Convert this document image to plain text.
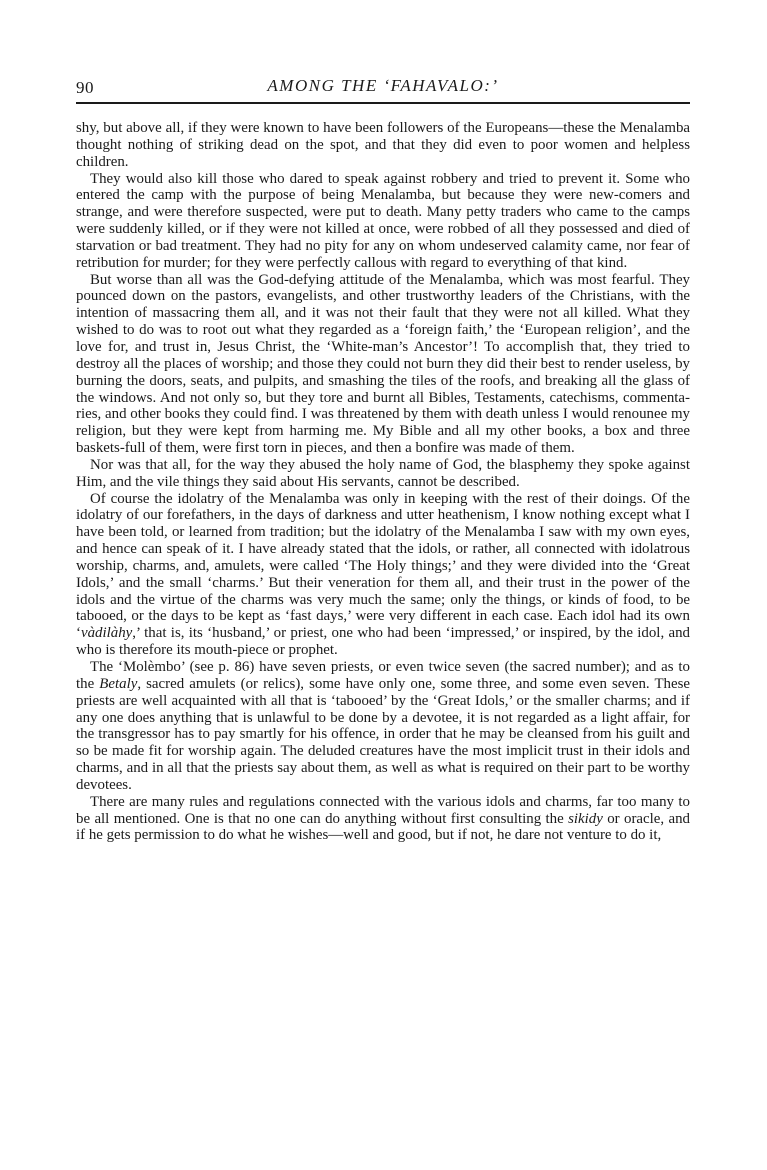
90	AMONG THE ‘FAHAVALO:’

shy, but above all, if they were known to have been followers of the Europeans—these the Menalamba thought nothing of striking dead on the spot, and that they did even to poor women and helpless children.

They would also kill those who dared to speak against robbery and tried to prevent it. Some who entered the camp with the purpose of being Menalamba, but because they were new-comers and strange, and were therefore suspected, were put to death. Many petty traders who came to the camps were suddenly killed, or if they were not killed at once, were robbed of all they possessed and died of starvation or bad treatment. They had no pity for any on whom undeserved calamity came, nor fear of retribution for murder; for they were perfectly callous with regard to everything of that kind.

But worse than all was the God-defying attitude of the Menalamba, which was most fearful. They pounced down on the pastors, evangelists, and other trustworthy leaders of the Christians, with the intention of massacring them all, and it was not their fault that they were not all killed. What they wished to do was to root out what they regarded as a ‘foreign faith,’ the ‘European religion’, and the love for, and trust in, Jesus Christ, the ‘White-man’s Ancestor’! To accomplish that, they tried to destroy all the places of worship; and those they could not burn they did their best to render useless, by burning the doors, seats, and pulpits, and smashing the tiles of the roofs, and breaking all the glass of the windows. And not only so, but they tore and burnt all Bibles, Testaments, catechisms, commentaries, and other books they could find. I was threatened by them with death unless I would renounee my religion, but they were kept from harming me. My Bible and all my other books, a box and three baskets-full of them, were first torn in pieces, and then a bonfire was made of them.

Nor was that all, for the way they abused the holy name of God, the blasphemy they spoke against Him, and the vile things they said about His servants, cannot be described.

Of course the idolatry of the Menalamba was only in keeping with the rest of their doings. Of the idolatry of our forefathers, in the days of darkness and utter heathenism, I know nothing except what I have been told, or learned from tradition; but the idolatry of the Menalamba I saw with my own eyes, and hence can speak of it. I have already stated that the idols, or rather, all connected with idolatrous worship, charms, and, amulets, were called ‘The Holy things;’ and they were divided into the ‘Great Idols,’ and the small ‘charms.’ But their veneration for them all, and their trust in the power of the idols and the virtue of the charms was very much the same; only the things, or kinds of food, to be tabooed, or the days to be kept as ‘fast days,’ were very different in each case. Each idol had its own ‘vàdilàhy,’ that is, its ‘husband,’ or priest, one who had been ‘impressed,’ or inspired, by the idol, and who is therefore its mouth-piece or prophet.

The ‘Molèmbo’ (see p. 86) have seven priests, or even twice seven (the sacred number); and as to the Betaly, sacred amulets (or relics), some have only one, some three, and some even seven. These priests are well acquainted with all that is ‘tabooed’ by the ‘Great Idols,’ or the smaller charms; and if any one does anything that is unlawful to be done by a devotee, it is not regarded as a light affair, for the transgressor has to pay smartly for his offence, in order that he may be cleansed from his guilt and so be made fit for worship again. The deluded creatures have the most implicit trust in their idols and charms, and in all that the priests say about them, as well as what is required on their part to be worthy devotees.

There are many rules and regulations connected with the various idols and charms, far too many to be all mentioned. One is that no one can do anything without first consulting the sikidy or oracle, and if he gets permission to do what he wishes—well and good, but if not, he dare not venture to do it,
